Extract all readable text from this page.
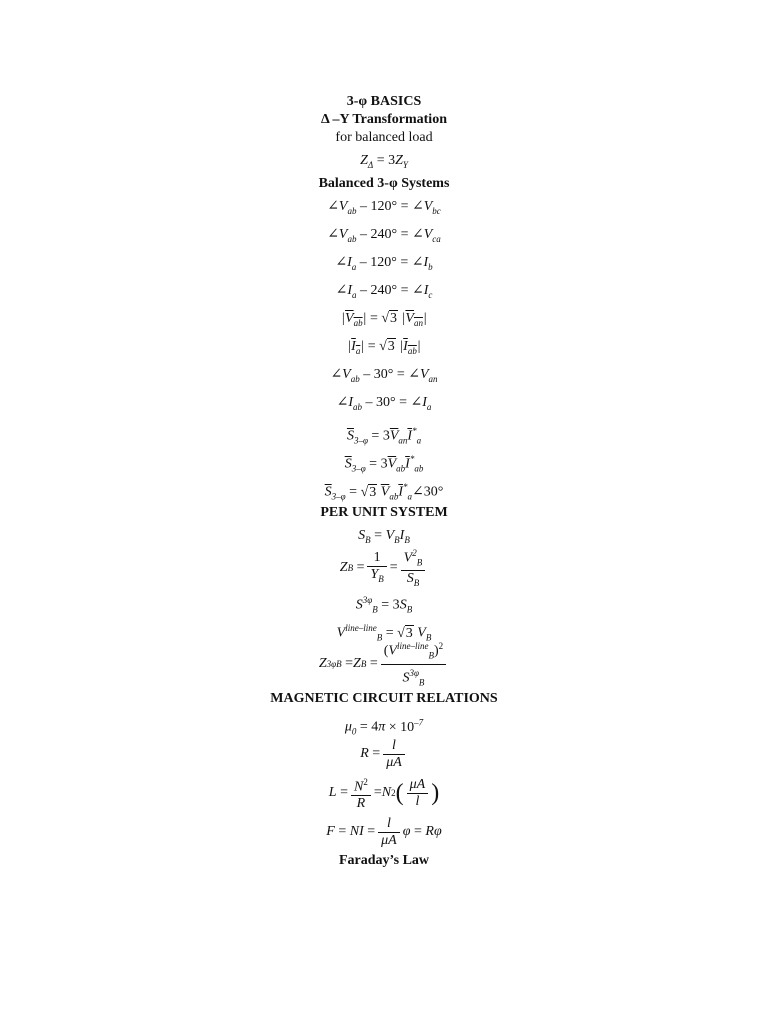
3-φ BASICS
Δ –Y Transformation
for balanced load
$Z_\Delta = 3Z_Y$
Balanced 3-φ Systems
$\angle V_{ab} - 120^\circ$ = $\angle V_{bc}$
$\angle V_{ab} - 240^\circ$ = $\angle V_{ca}$
$\angle I_a - 120^\circ$ = $\angle I_b$
$\angle I_a - 240^\circ$ = $\angle I_c$
$|V_{ab}|$ = √ 3 $|V_{an}|$
$|I_a|$ = √ 3 $|I_{ab}|$
$\angle V_{ab} - 30^\circ$ = $\angle V_{an}$
$\angle I_{ab} - 30^\circ$ = $\angle I_a$
$\overline{S}_{3-\varphi} = 3\overline{V}_{an}\overline{I}^*_a$
$\overline{S}_{3-\varphi} = 3\overline{V}_{ab}\overline{I}^*_{ab}$
$\overline{S}_{3-\varphi}$ = √ 3 $\overline{V}_{ab}\overline{I}^*_a\angle 30^\circ$
PER UNIT SYSTEM
$S_B = V_BI_B$
Z B
= $\frac{1}{Y_B} = \frac{V^2_B}{S_B}$
$S^{3\varphi}_B = 3S_B$
$V^{line-line}_B$ = √ 3 $V_B$
Z 3φ B
= Z B
= $\frac{(V^{line-line}_B)^2}{S^{3\varphi}_B}$
MAGNETIC CIRCUIT RELATIONS
$\mu_0 = 4\pi \times 10^{-7}$
$R = \frac{l}{\mu A}$
$L = \frac{N^2}{R} = N$ 2 ( $\frac{\mu A}{l}$ )
F = NI = $\frac{l}{\mu A}$ φ = Rφ
Faraday’s Law
